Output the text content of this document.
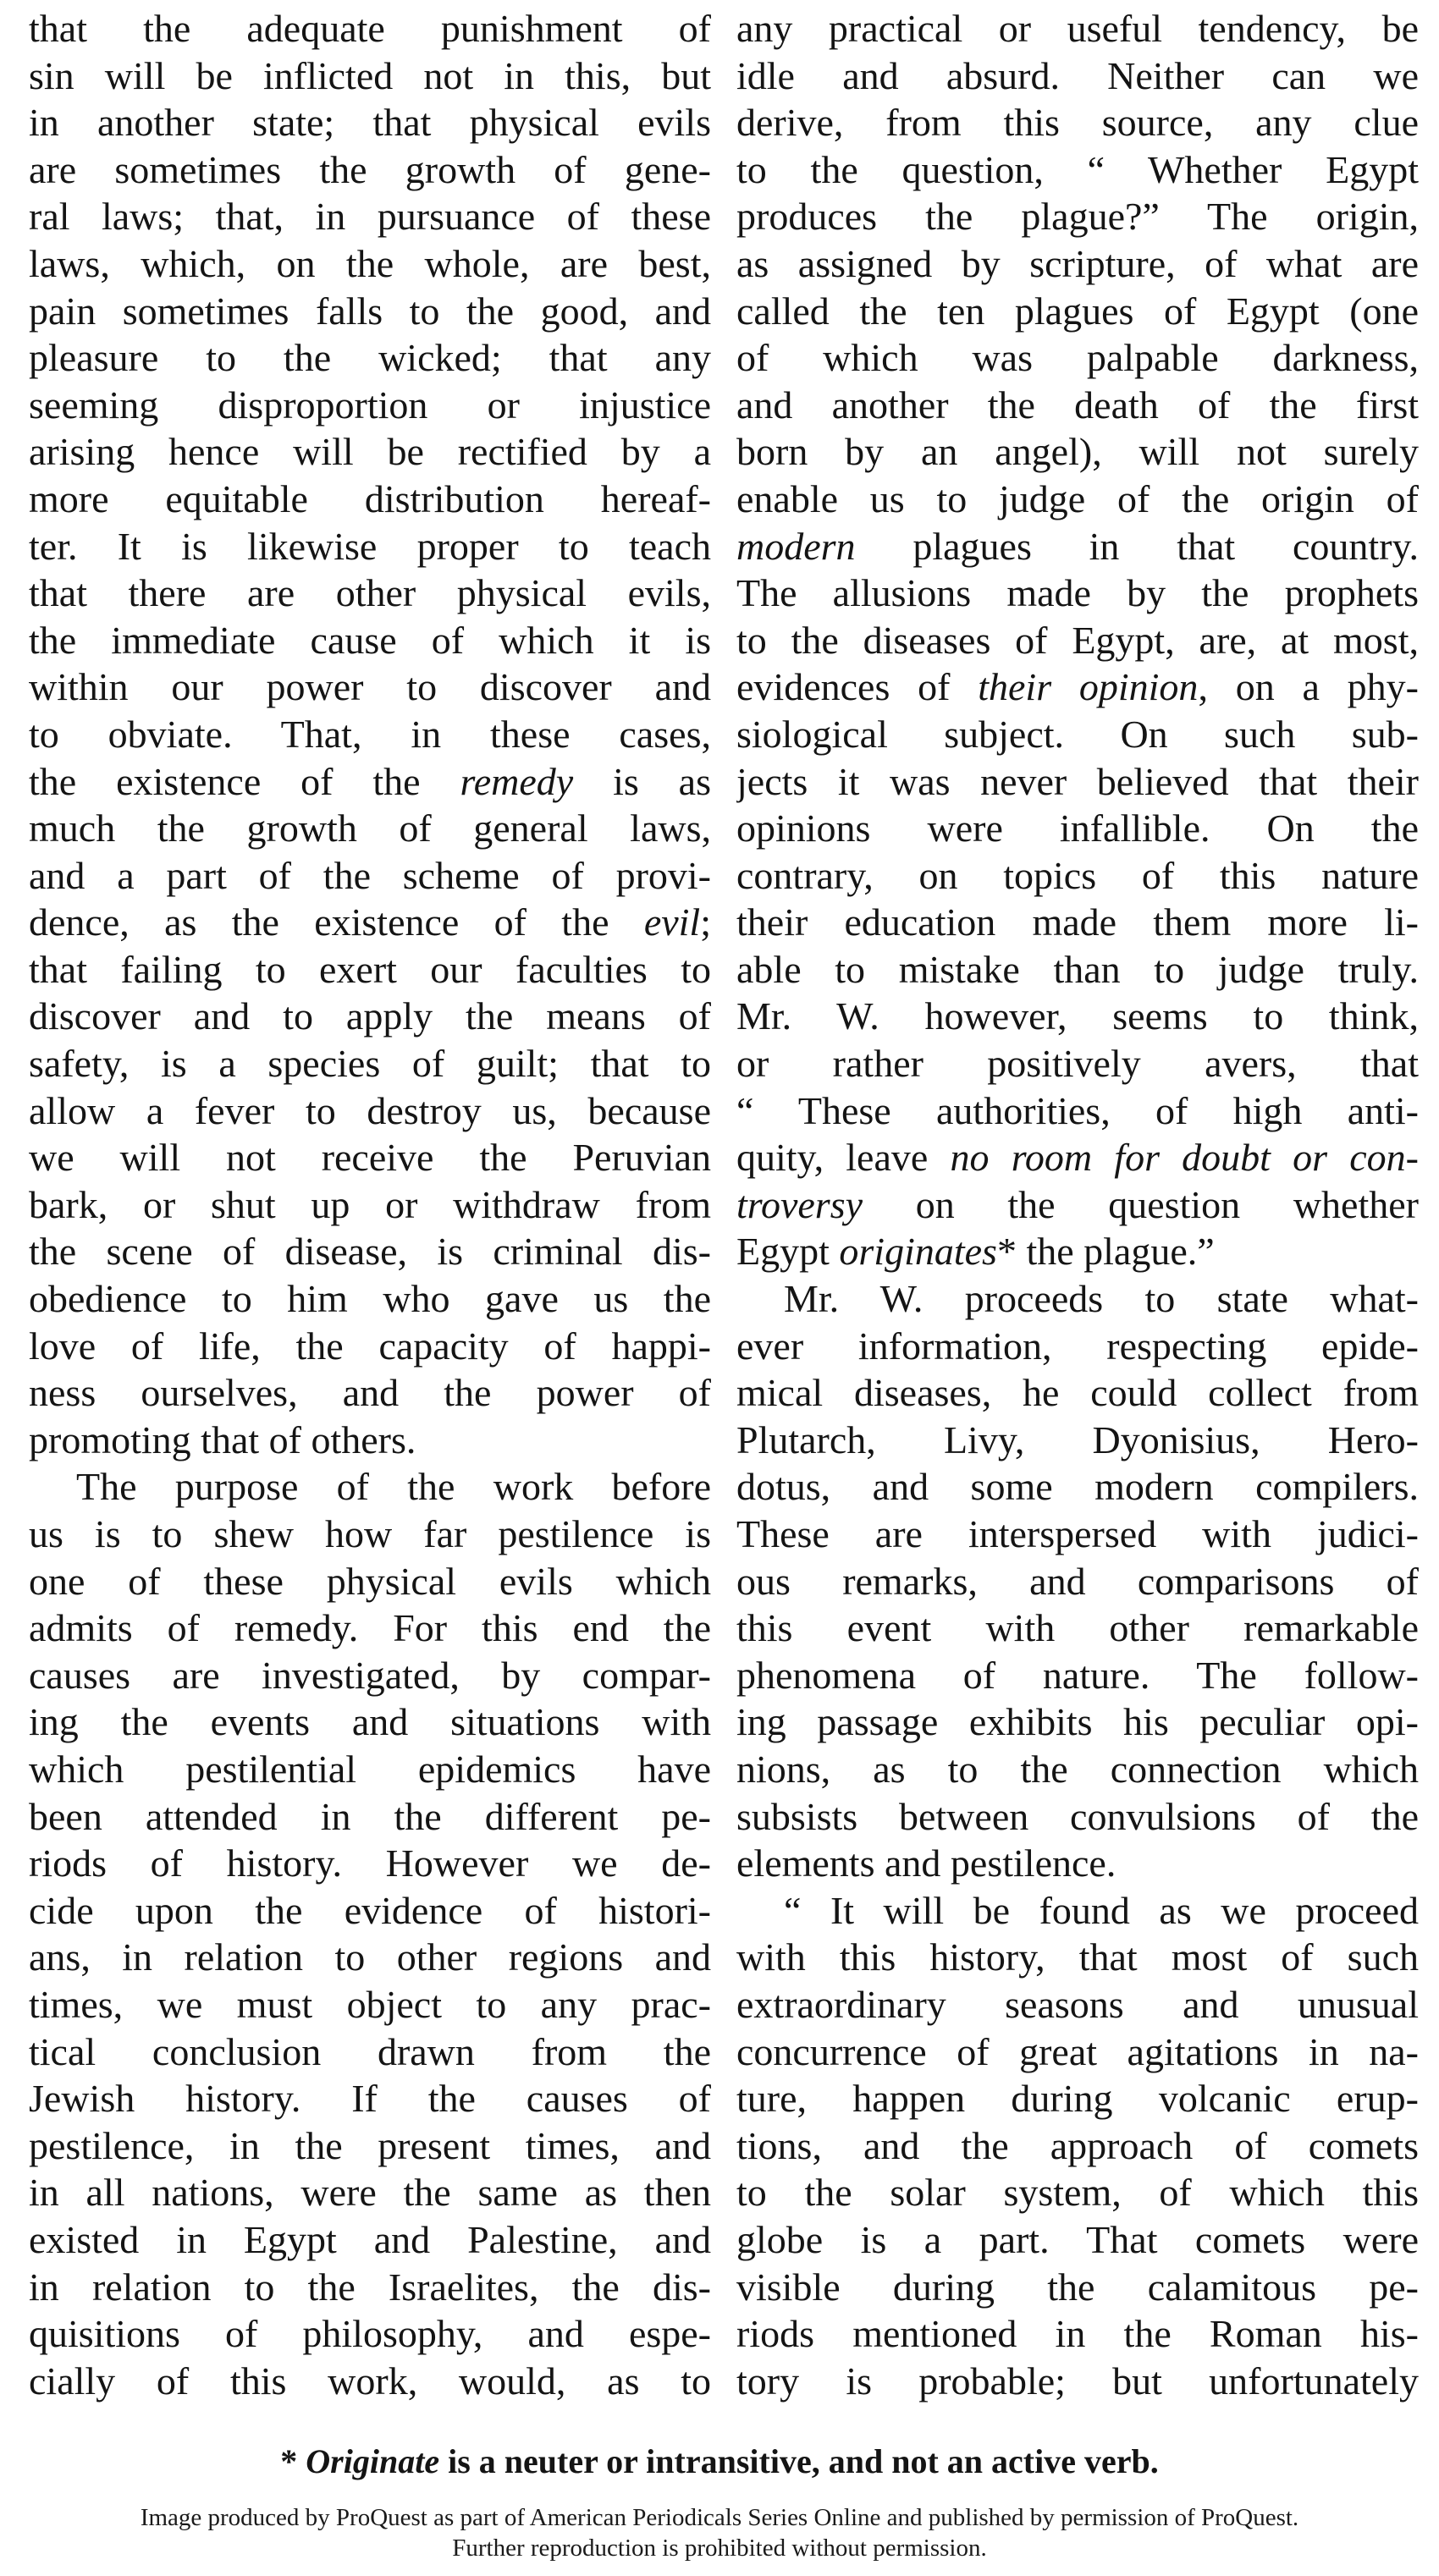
that the adequate punishment of
sin will be inflicted not in this, but
in another state; that physical evils
are sometimes the growth of gene-
ral laws; that, in pursuance of these
laws, which, on the whole, are best,
pain sometimes falls to the good, and
pleasure to the wicked; that any
seeming disproportion or injustice
arising hence will be rectified by a
more equitable distribution hereaf-
ter. It is likewise proper to teach
that there are other physical evils,
the immediate cause of which it is
within our power to discover and
to obviate. That, in these cases,
the existence of the remedy is as
much the growth of general laws,
and a part of the scheme of provi-
dence, as the existence of the evil;
that failing to exert our faculties to
discover and to apply the means of
safety, is a species of guilt; that to
allow a fever to destroy us, because
we will not receive the Peruvian
bark, or shut up or withdraw from
the scene of disease, is criminal dis-
obedience to him who gave us the
love of life, the capacity of happi-
ness ourselves, and the power of
promoting that of others.
The purpose of the work before
us is to shew how far pestilence is
one of these physical evils which
admits of remedy. For this end the
causes are investigated, by compar-
ing the events and situations with
which pestilential epidemics have
been attended in the different pe-
riods of history. However we de-
cide upon the evidence of histori-
ans, in relation to other regions and
times, we must object to any prac-
tical conclusion drawn from the
Jewish history. If the causes of
pestilence, in the present times, and
in all nations, were the same as then
existed in Egypt and Palestine, and
in relation to the Israelites, the dis-
quisitions of philosophy, and espe-
cially of this work, would, as to
any practical or useful tendency, be
idle and absurd. Neither can we
derive, from this source, any clue
to the question, “ Whether Egypt
produces the plague?” The origin,
as assigned by scripture, of what are
called the ten plagues of Egypt (one
of which was palpable darkness,
and another the death of the first
born by an angel), will not surely
enable us to judge of the origin of
modern plagues in that country.
The allusions made by the prophets
to the diseases of Egypt, are, at most,
evidences of their opinion, on a phy-
siological subject. On such sub-
jects it was never believed that their
opinions were infallible. On the
contrary, on topics of this nature
their education made them more li-
able to mistake than to judge truly.
Mr. W. however, seems to think,
or rather positively avers, that
“ These authorities, of high anti-
quity, leave no room for doubt or con-
troversy on the question whether
Egypt originates* the plague.”
Mr. W. proceeds to state what-
ever information, respecting epide-
mical diseases, he could collect from
Plutarch, Livy, Dyonisius, Hero-
dotus, and some modern compilers.
These are interspersed with judici-
ous remarks, and comparisons of
this event with other remarkable
phenomena of nature. The follow-
ing passage exhibits his peculiar opi-
nions, as to the connection which
subsists between convulsions of the
elements and pestilence.
“ It will be found as we proceed
with this history, that most of such
extraordinary seasons and unusual
concurrence of great agitations in na-
ture, happen during volcanic erup-
tions, and the approach of comets
to the solar system, of which this
globe is a part. That comets were
visible during the calamitous pe-
riods mentioned in the Roman his-
tory is probable; but unfortunately
* Originate is a neuter or intransitive, and not an active verb.
Image produced by ProQuest as part of American Periodicals Series Online and published by permission of ProQuest.
Further reproduction is prohibited without permission.
